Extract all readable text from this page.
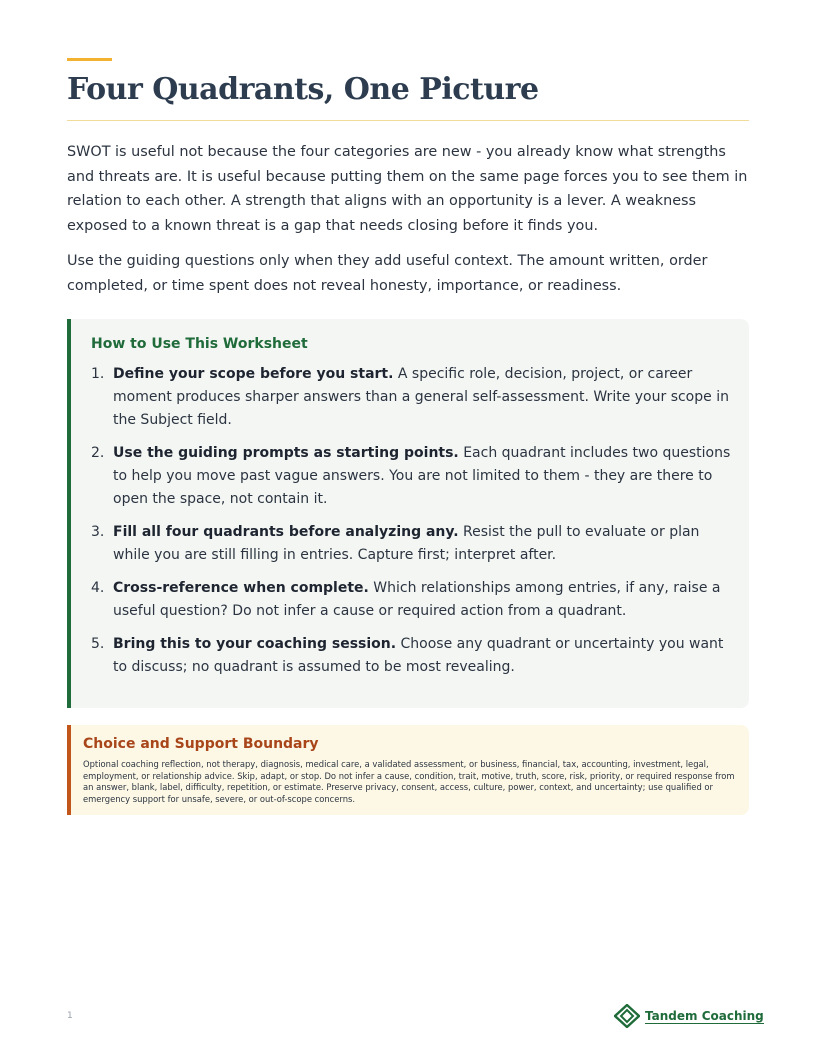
Four Quadrants, One Picture

SWOT is useful not because the four categories are new - you already know what strengths and threats are. It is useful because putting them on the same page forces you to see them in relation to each other. A strength that aligns with an opportunity is a lever. A weakness exposed to a known threat is a gap that needs closing before it finds you.

Use the guiding questions only when they add useful context. The amount written, order completed, or time spent does not reveal honesty, importance, or readiness.

How to Use This Worksheet
1. Define your scope before you start. A specific role, decision, project, or career moment produces sharper answers than a general self-assessment. Write your scope in the Subject field.
2. Use the guiding prompts as starting points. Each quadrant includes two questions to help you move past vague answers. You are not limited to them - they are there to open the space, not contain it.
3. Fill all four quadrants before analyzing any. Resist the pull to evaluate or plan while you are still filling in entries. Capture first; interpret after.
4. Cross-reference when complete. Which relationships among entries, if any, raise a useful question? Do not infer a cause or required action from a quadrant.
5. Bring this to your coaching session. Choose any quadrant or uncertainty you want to discuss; no quadrant is assumed to be most revealing.
Choice and Support Boundary

Optional coaching reflection, not therapy, diagnosis, medical care, a validated assessment, or business, financial, tax, accounting, investment, legal, employment, or relationship advice. Skip, adapt, or stop. Do not infer a cause, condition, trait, motive, truth, score, risk, priority, or required response from an answer, blank, label, difficulty, repetition, or estimate. Preserve privacy, consent, access, culture, power, context, and uncertainty; use qualified or emergency support for unsafe, severe, or out-of-scope concerns.

1	Tandem Coaching
